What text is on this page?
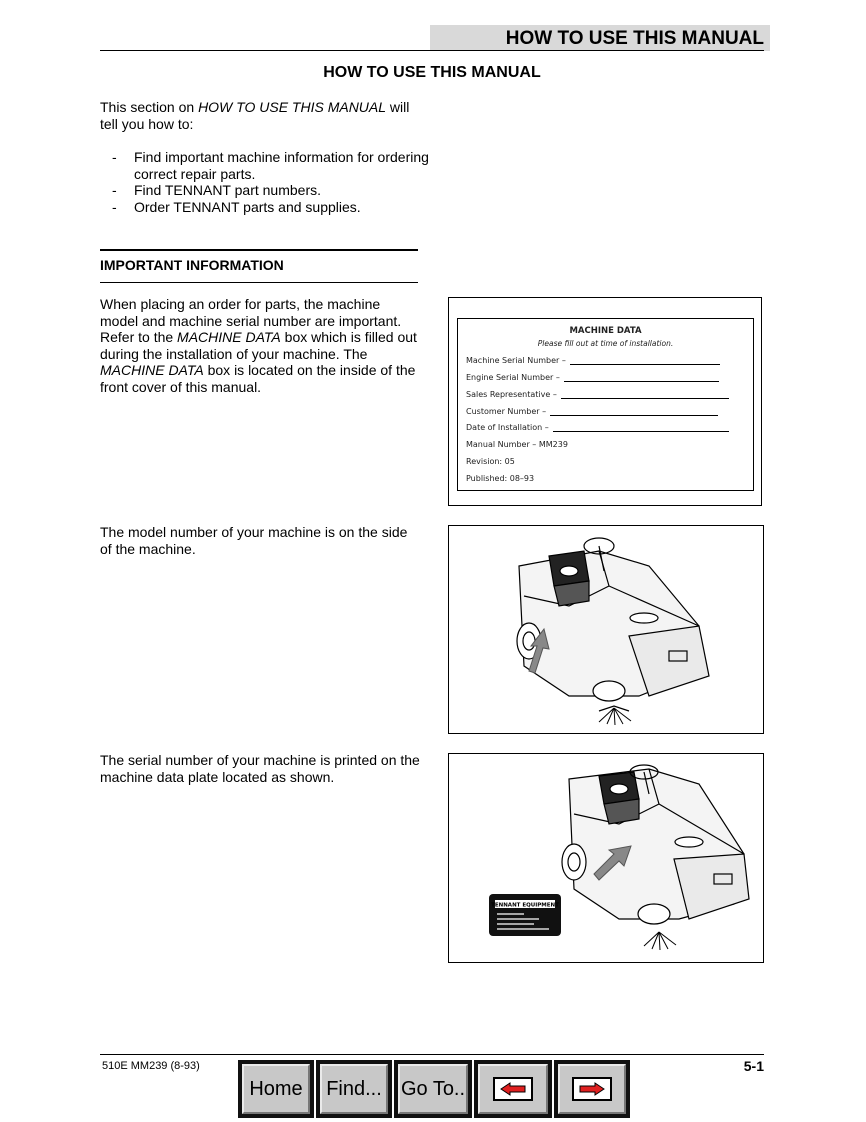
HOW TO USE THIS MANUAL
HOW TO USE THIS MANUAL
This section on HOW TO USE THIS MANUAL will tell you how to:
-	Find important machine information for ordering correct repair parts.
-	Find TENNANT part numbers.
-	Order TENNANT parts and supplies.
IMPORTANT INFORMATION
When placing an order for parts, the machine model and machine serial number are important. Refer to the MACHINE DATA box which is filled out during the installation of your machine. The MACHINE DATA box is located on the inside of the front cover of this manual.
MACHINE DATA
Please fill out at time of installation.
Machine Serial Number –
Engine Serial Number –
Sales Representative –
Customer Number –
Date of Installation –
Manual Number – MM239
Revision: 05
Published: 08–93
The model number of your machine is on the side of the machine.
The serial number of your machine is printed on the machine data plate located as shown.
TENNANT EQUIPMENT
510E MM239 (8‑93)	5-1
Home	Find... Go To..
